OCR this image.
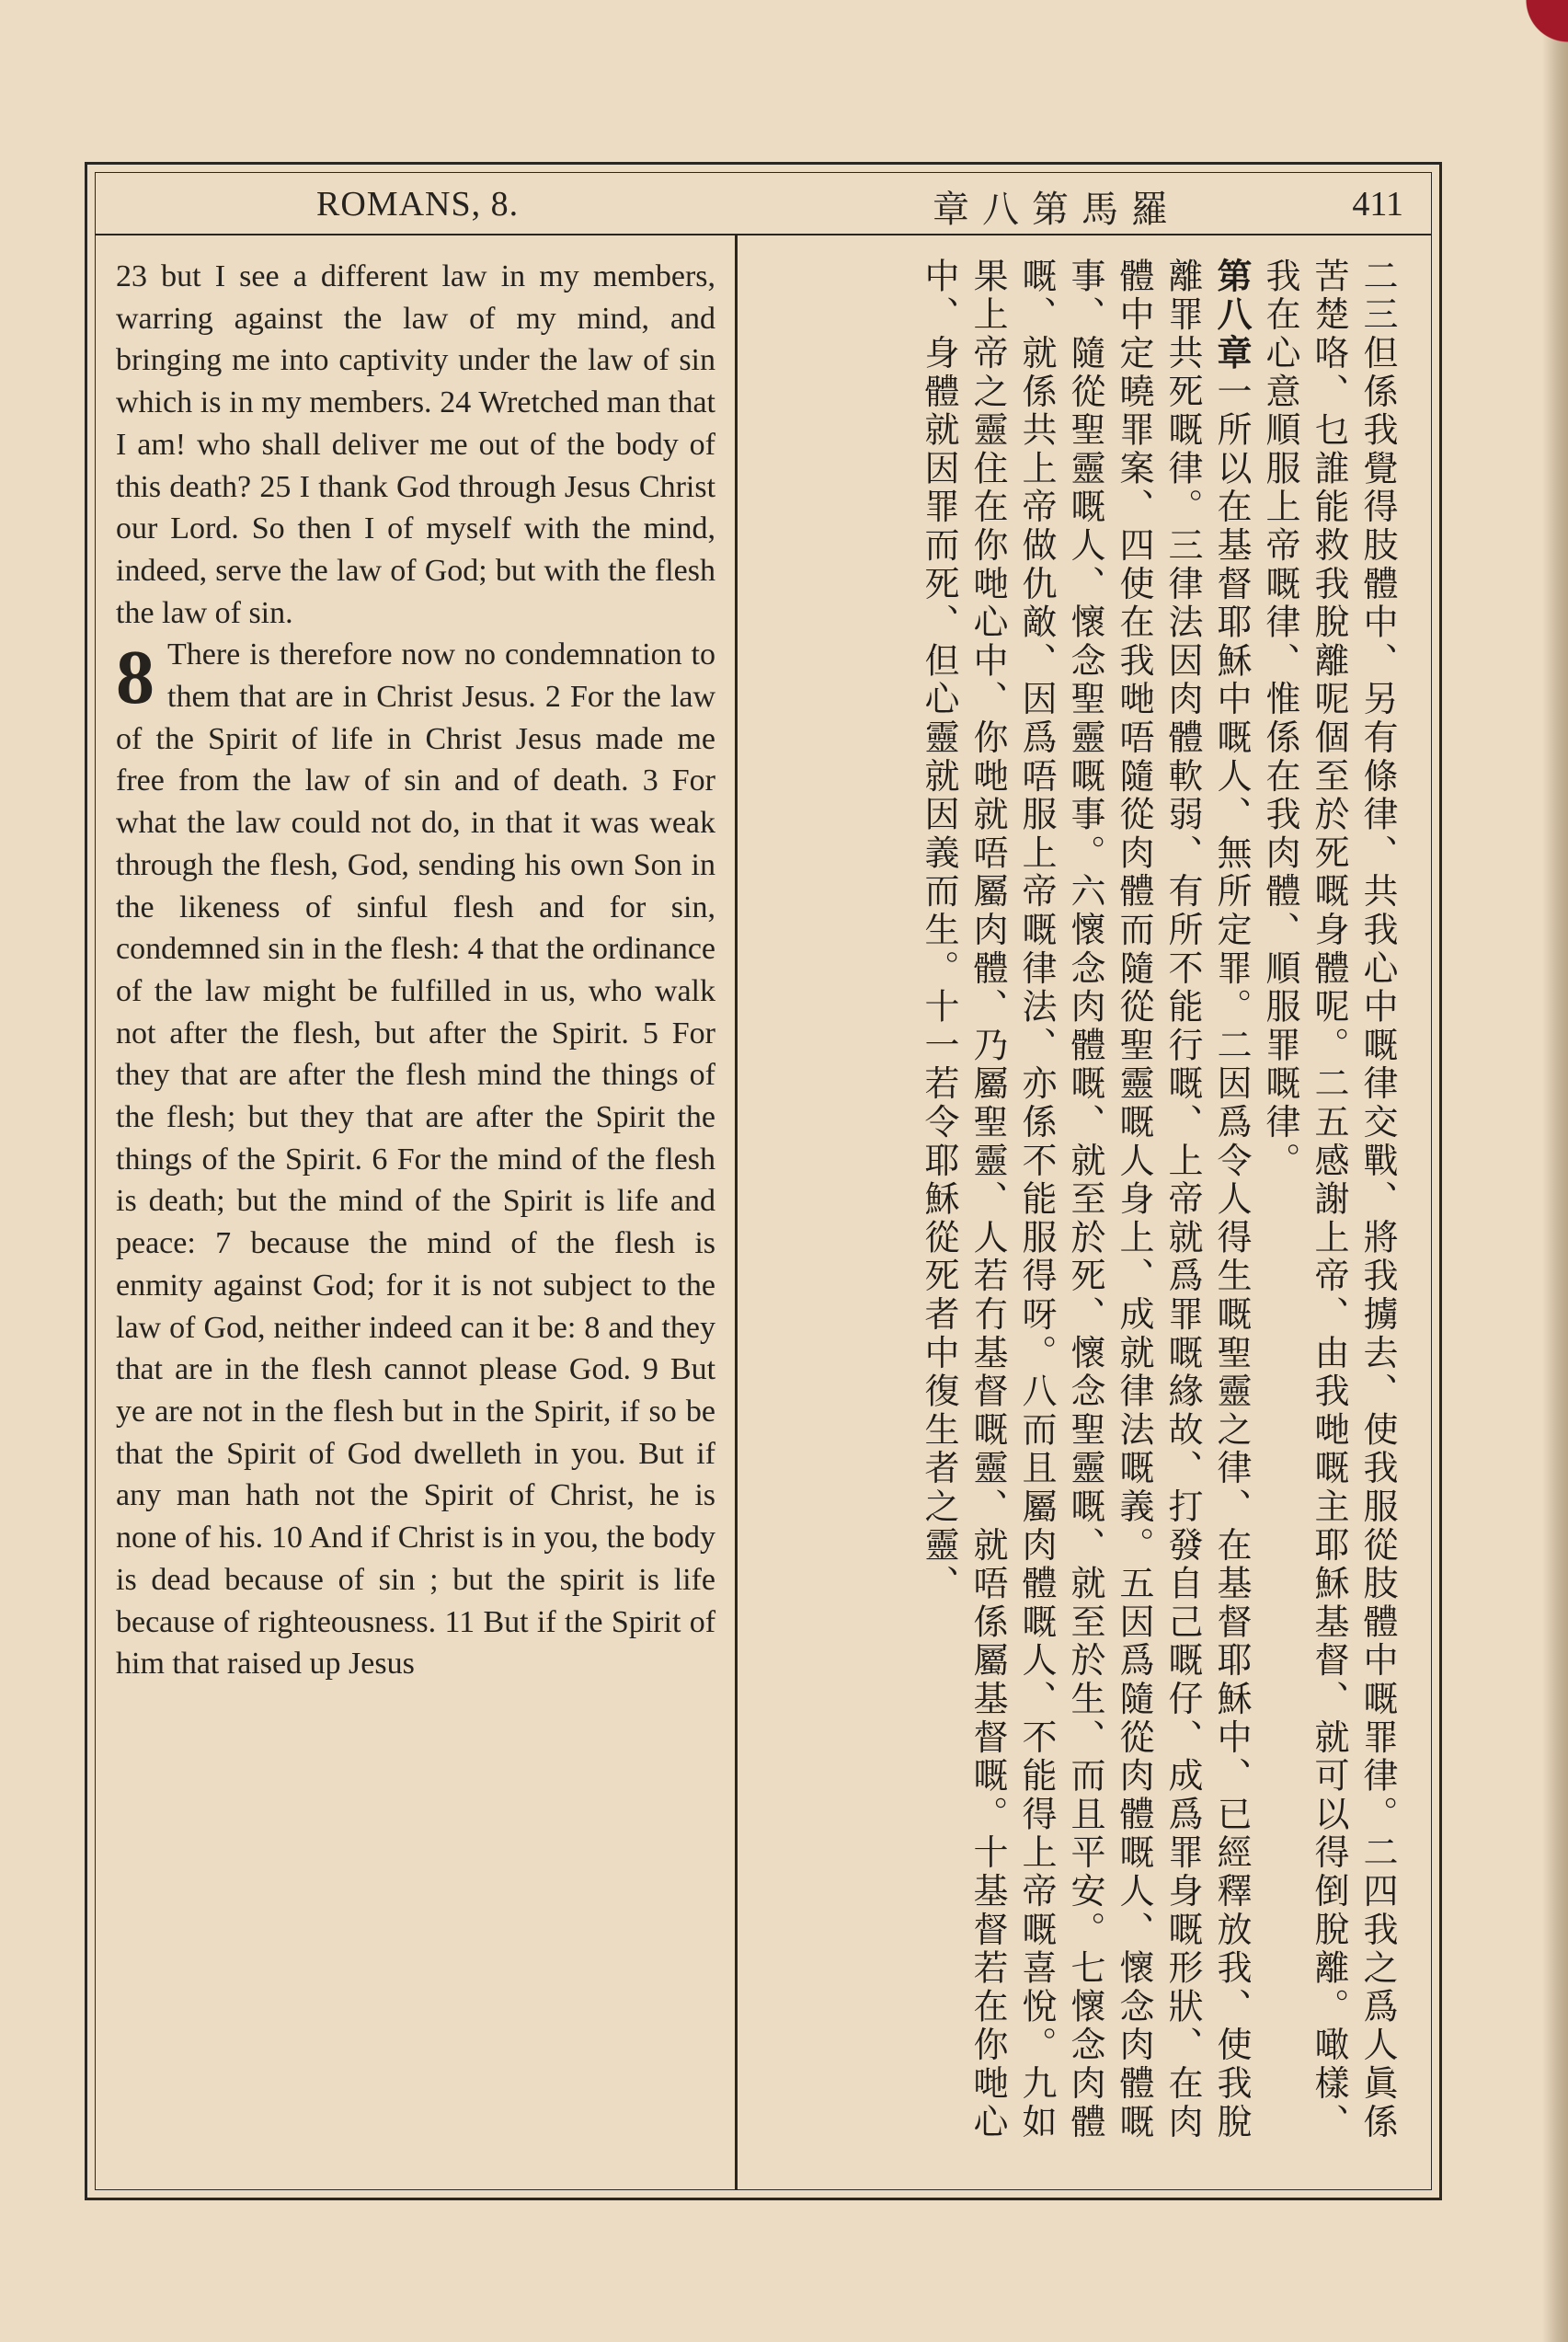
ROMANS, 8.	章八第馬羅	411

23 but I see a different law in my members, warring against the law of my mind, and bringing me into captivity under the law of sin which is in my members. 24 Wretched man that I am! who shall deliver me out of the body of this death? 25 I thank God through Jesus Christ our Lord. So then I of myself with the mind, indeed, serve the law of God; but with the flesh the law of sin.

8 There is therefore now no condemnation to them that are in Christ Jesus. 2 For the law of the Spirit of life in Christ Jesus made me free from the law of sin and of death. 3 For what the law could not do, in that it was weak through the flesh, God, sending his own Son in the likeness of sinful flesh and for sin, condemned sin in the flesh: 4 that the ordinance of the law might be fulfilled in us, who walk not after the flesh, but after the Spirit. 5 For they that are after the flesh mind the things of the flesh; but they that are after the Spirit the things of the Spirit. 6 For the mind of the flesh is death; but the mind of the Spirit is life and peace: 7 because the mind of the flesh is enmity against God; for it is not subject to the law of God, neither indeed can it be: 8 and they that are in the flesh cannot please God. 9 But ye are not in the flesh but in the Spirit, if so be that the Spirit of God dwelleth in you. But if any man hath not the Spirit of Christ, he is none of his. 10 And if Christ is in you, the body is dead because of sin ; but the spirit is life because of righteousness. 11 But if the Spirit of him that raised up Jesus	二三但係我覺得肢體中、另有條律、共我心中嘅律交戰、將我擄去、使我服從肢體中嘅罪律。二四我之爲人眞係苦楚咯、乜誰能救我脫離呢個至於死嘅身體呢。二五感謝上帝、由我哋嘅主耶穌基督、就可以得倒脫離。噉樣、我在心意順服上帝嘅律、惟係在我肉體、順服罪嘅律。

第八章一所以在基督耶穌中嘅人、無所定罪。二因爲令人得生嘅聖靈之律、在基督耶穌中、已經釋放我、使我脫離罪共死嘅律。三律法因肉體軟弱、有所不能行嘅、上帝就爲罪嘅緣故、打發自己嘅仔、成爲罪身嘅形狀、在肉體中定曉罪案、四使在我哋唔隨從肉體而隨從聖靈嘅人身上、成就律法嘅義。五因爲隨從肉體嘅人、懷念肉體嘅事、隨從聖靈嘅人、懷念聖靈嘅事。六懷念肉體嘅、就至於死、懷念聖靈嘅、就至於生、而且平安。七懷念肉體嘅、就係共上帝做仇敵、因爲唔服上帝嘅律法、亦係不能服得呀。八而且屬肉體嘅人、不能得上帝嘅喜悅。九如果上帝之靈住在你哋心中、你哋就唔屬肉體、乃屬聖靈、人若冇基督嘅靈、就唔係屬基督嘅。十基督若在你哋心中、身體就因罪而死、但心靈就因義而生。十一若令耶穌從死者中復生者之靈、
